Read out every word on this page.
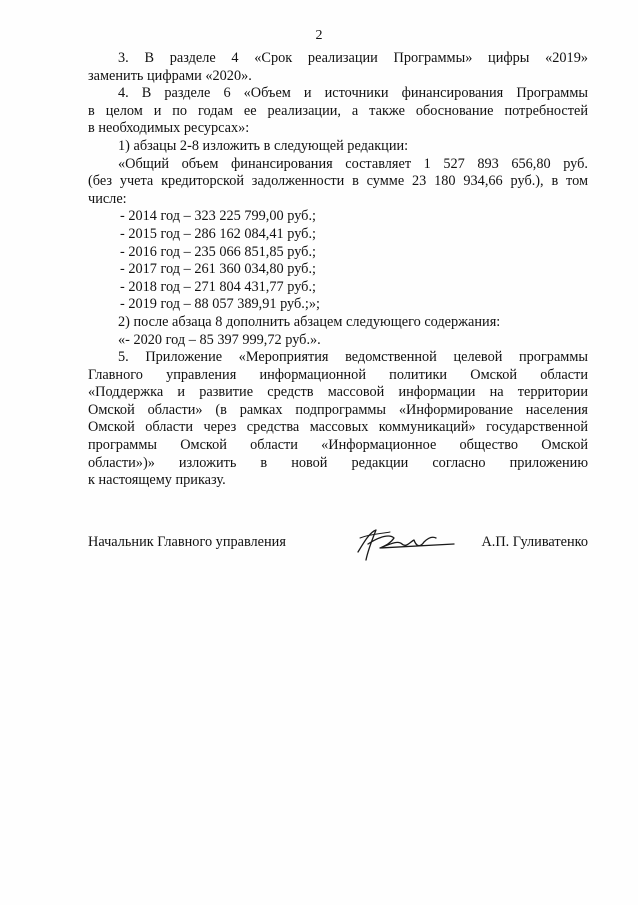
2

3. В разделе 4 «Срок реализации Программы» цифры «2019»

заменить цифрами «2020».

4. В разделе 6 «Объем и источники финансирования Программы

в целом и по годам ее реализации, а также обоснование потребностей

в необходимых ресурсах»:

1) абзацы 2-8 изложить в следующей редакции:

«Общий объем финансирования составляет 1 527 893 656,80 руб.

(без учета кредиторской задолженности в сумме 23 180 934,66 руб.), в том

числе:

- 2014 год – 323 225 799,00 руб.;

- 2015 год – 286 162 084,41 руб.;

- 2016 год – 235 066 851,85 руб.;

- 2017 год – 261 360 034,80 руб.;

- 2018 год – 271 804 431,77 руб.;

- 2019 год – 88 057 389,91 руб.;»;

2) после абзаца 8 дополнить абзацем следующего содержания:

«- 2020 год – 85 397 999,72 руб.».

5. Приложение «Мероприятия ведомственной целевой программы

Главного управления информационной политики Омской области

«Поддержка и развитие средств массовой информации на территории

Омской области» (в рамках подпрограммы «Информирование населения

Омской области через средства массовых коммуникаций» государственной

программы Омской области «Информационное общество Омской

области»)» изложить в новой редакции согласно приложению

к настоящему приказу.

Начальник Главного управления	А.П. Гуливатенко
